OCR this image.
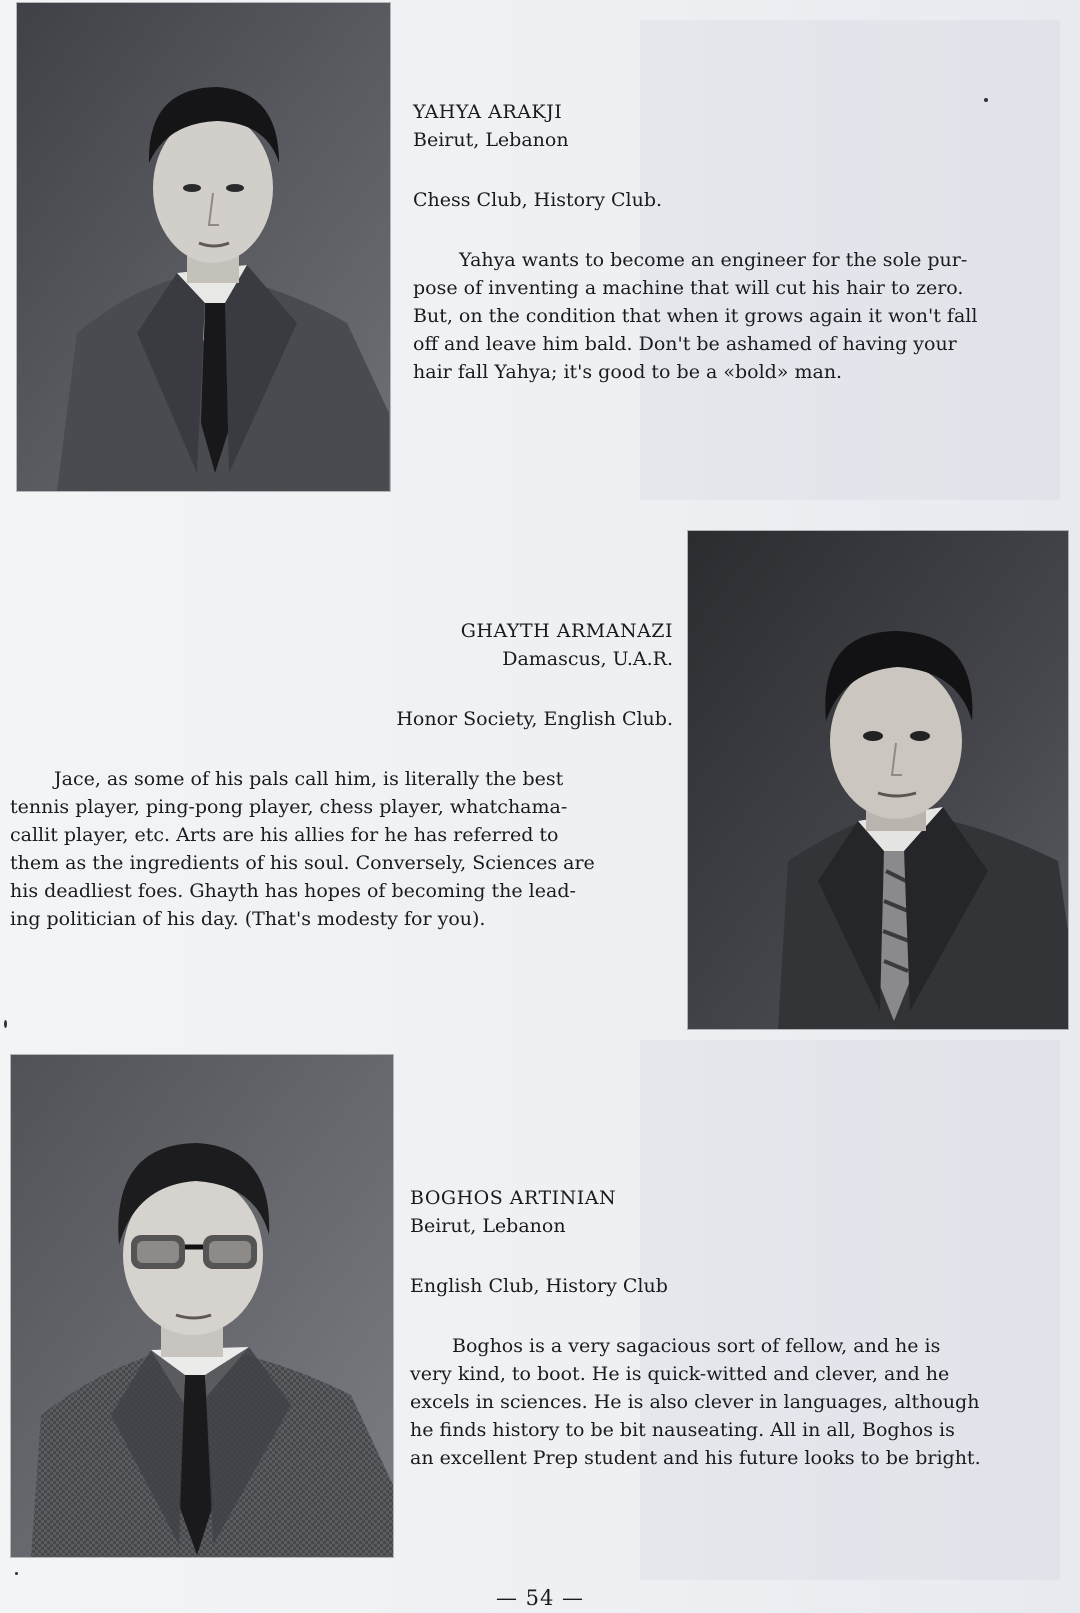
YAHYA ARAKJI
Beirut, Lebanon
Chess Club, History Club.
Yahya wants to become an engineer for the sole pur-
pose of inventing a machine that will cut his hair to zero.
But, on the condition that when it grows again it won't fall
off and leave him bald. Don't be ashamed of having your
hair fall Yahya; it's good to be a «bold» man.
GHAYTH ARMANAZI
Damascus, U.A.R.
Honor Society, English Club.
Jace, as some of his pals call him, is literally the best
tennis player, ping-pong player, chess player, whatchama-
callit player, etc. Arts are his allies for he has referred to
them as the ingredients of his soul. Conversely, Sciences are
his deadliest foes. Ghayth has hopes of becoming the lead-
ing politician of his day. (That's modesty for you).
BOGHOS ARTINIAN
Beirut, Lebanon
English Club, History Club
Boghos is a very sagacious sort of fellow, and he is
very kind, to boot. He is quick-witted and clever, and he
excels in sciences. He is also clever in languages, although
he finds history to be bit nauseating. All in all, Boghos is
an excellent Prep student and his future looks to be bright.
— 54 —
